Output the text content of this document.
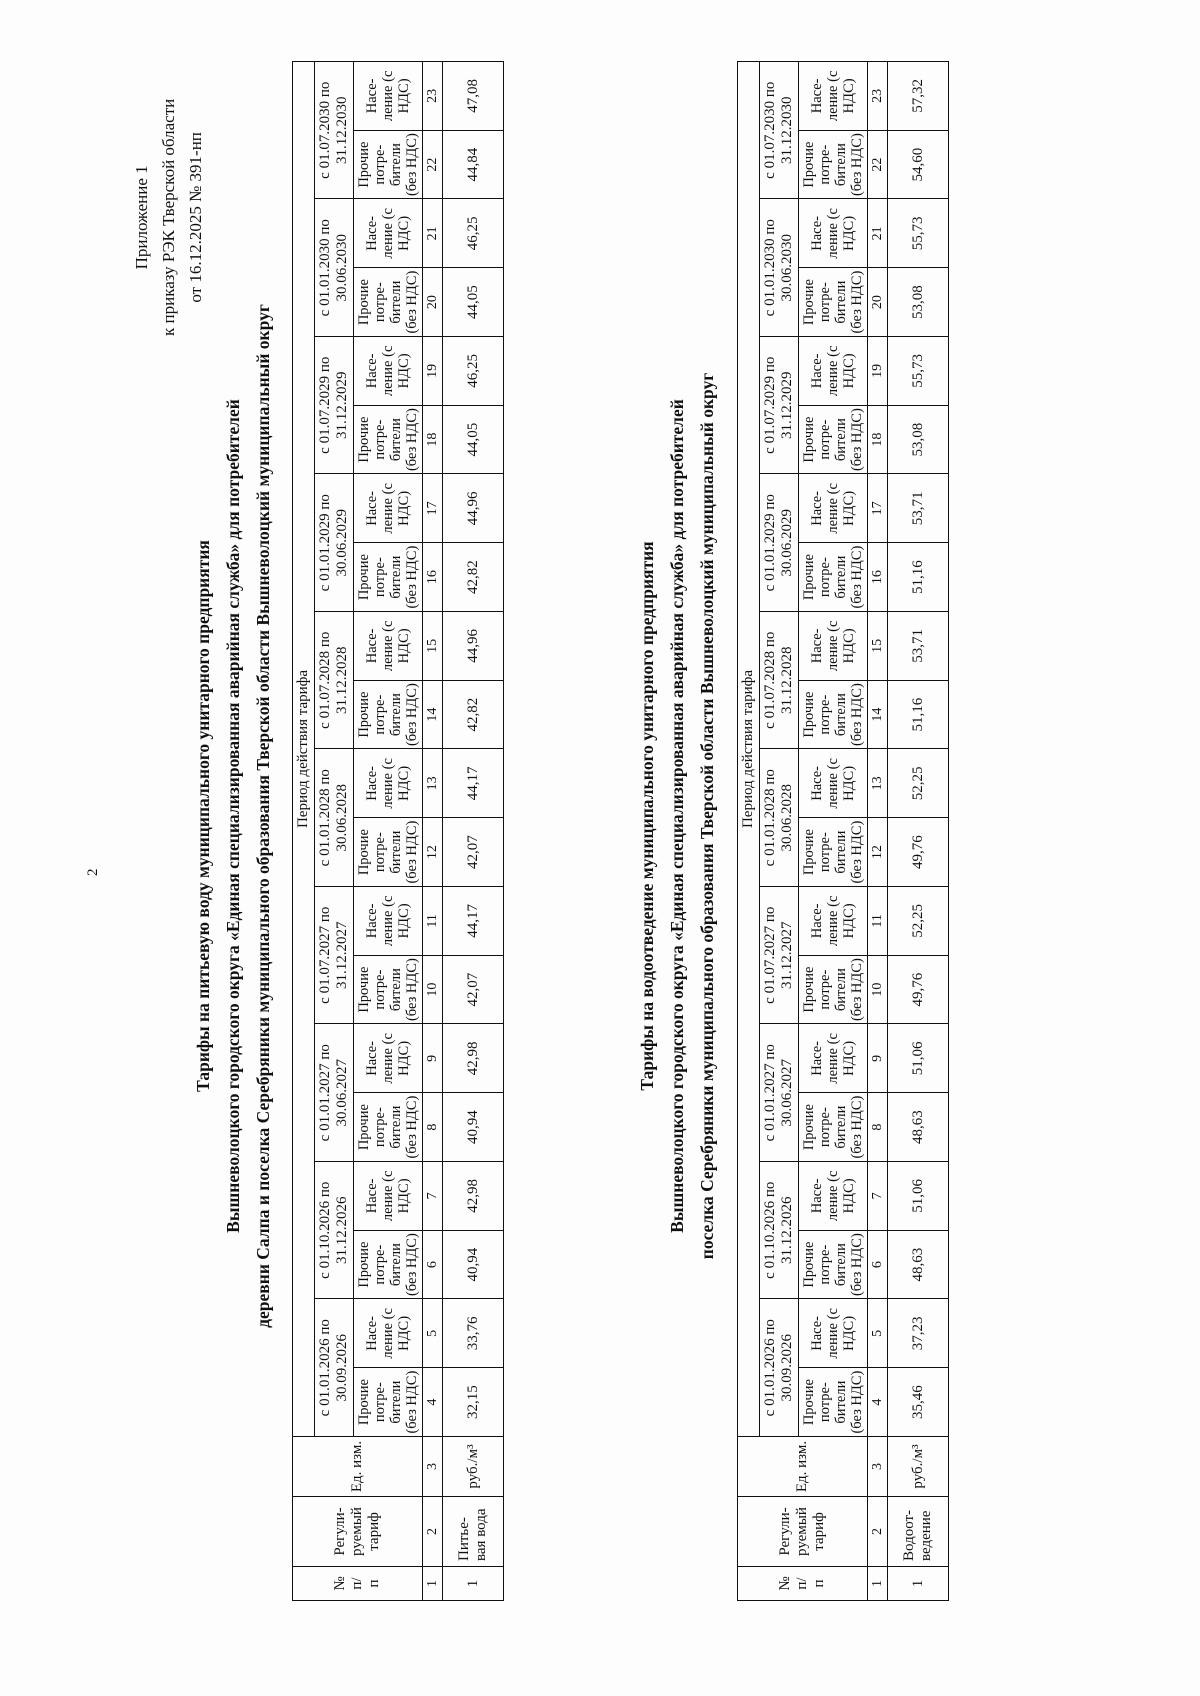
2
Приложение 1 к приказу РЭК Тверской области от 16.12.2025 № 391-нп
Тарифы на питьевую воду муниципального унитарного предприятия Вышневолоцкого городского округа «Единая специализированная аварийная служба» для потребителей деревни Салпа и поселка Серебряники муниципального образования Тверской области Вышневолоцкий муниципальный округ
№ п/ п	Регули-руемый тариф	Ед. изм.	Период действия тарифа																			
			с 01.01.2026 по 30.09.2026		с 01.10.2026 по 31.12.2026		с 01.01.2027 по 30.06.2027		с 01.07.2027 по 31.12.2027		с 01.01.2028 по 30.06.2028		с 01.07.2028 по 31.12.2028		с 01.01.2029 по 30.06.2029		с 01.07.2029 по 31.12.2029		с 01.01.2030 по 30.06.2030		с 01.07.2030 по 31.12.2030	
			Прочие потре-бители (без НДС)	Насе-ление (с НДС)	Прочие потре-бители (без НДС)	Насе-ление (с НДС)	Прочие потре-бители (без НДС)	Насе-ление (с НДС)	Прочие потре-бители (без НДС)	Насе-ление (с НДС)	Прочие потре-бители (без НДС)	Насе-ление (с НДС)	Прочие потре-бители (без НДС)	Насе-ление (с НДС)	Прочие потре-бители (без НДС)	Насе-ление (с НДС)	Прочие потре-бители (без НДС)	Насе-ление (с НДС)	Прочие потре-бители (без НДС)	Насе-ление (с НДС)	Прочие потре-бители (без НДС)	Насе-ление (с НДС)
1	2	3	4	5	6	7	8	9	10	11	12	13	14	15	16	17	18	19	20	21	22	23
1	Питье-вая вода	руб./м³	32,15	33,76	40,94	42,98	40,94	42,98	42,07	44,17	42,07	44,17	42,82	44,96	42,82	44,96	44,05	46,25	44,05	46,25	44,84	47,08
Тарифы на водоотведение муниципального унитарного предприятия Вышневолоцкого городского округа «Единая специализированная аварийная служба» для потребителей поселка Серебряники муниципального образования Тверской области Вышневолоцкий муниципальный округ
№ п/ п	Регули-руемый тариф	Ед. изм.	Период действия тарифа																			
			с 01.01.2026 по 30.09.2026		с 01.10.2026 по 31.12.2026		с 01.01.2027 по 30.06.2027		с 01.07.2027 по 31.12.2027		с 01.01.2028 по 30.06.2028		с 01.07.2028 по 31.12.2028		с 01.01.2029 по 30.06.2029		с 01.07.2029 по 31.12.2029		с 01.01.2030 по 30.06.2030		с 01.07.2030 по 31.12.2030	
			Прочие потре-бители (без НДС)	Насе-ление (с НДС)	Прочие потре-бители (без НДС)	Насе-ление (с НДС)	Прочие потре-бители (без НДС)	Насе-ление (с НДС)	Прочие потре-бители (без НДС)	Насе-ление (с НДС)	Прочие потре-бители (без НДС)	Насе-ление (с НДС)	Прочие потре-бители (без НДС)	Насе-ление (с НДС)	Прочие потре-бители (без НДС)	Насе-ление (с НДС)	Прочие потре-бители (без НДС)	Насе-ление (с НДС)	Прочие потре-бители (без НДС)	Насе-ление (с НДС)	Прочие потре-бители (без НДС)	Насе-ление (с НДС)
1	2	3	4	5	6	7	8	9	10	11	12	13	14	15	16	17	18	19	20	21	22	23
1	Водоот-ведение	руб./м³	35,46	37,23	48,63	51,06	48,63	51,06	49,76	52,25	49,76	52,25	51,16	53,71	51,16	53,71	53,08	55,73	53,08	55,73	54,60	57,32
